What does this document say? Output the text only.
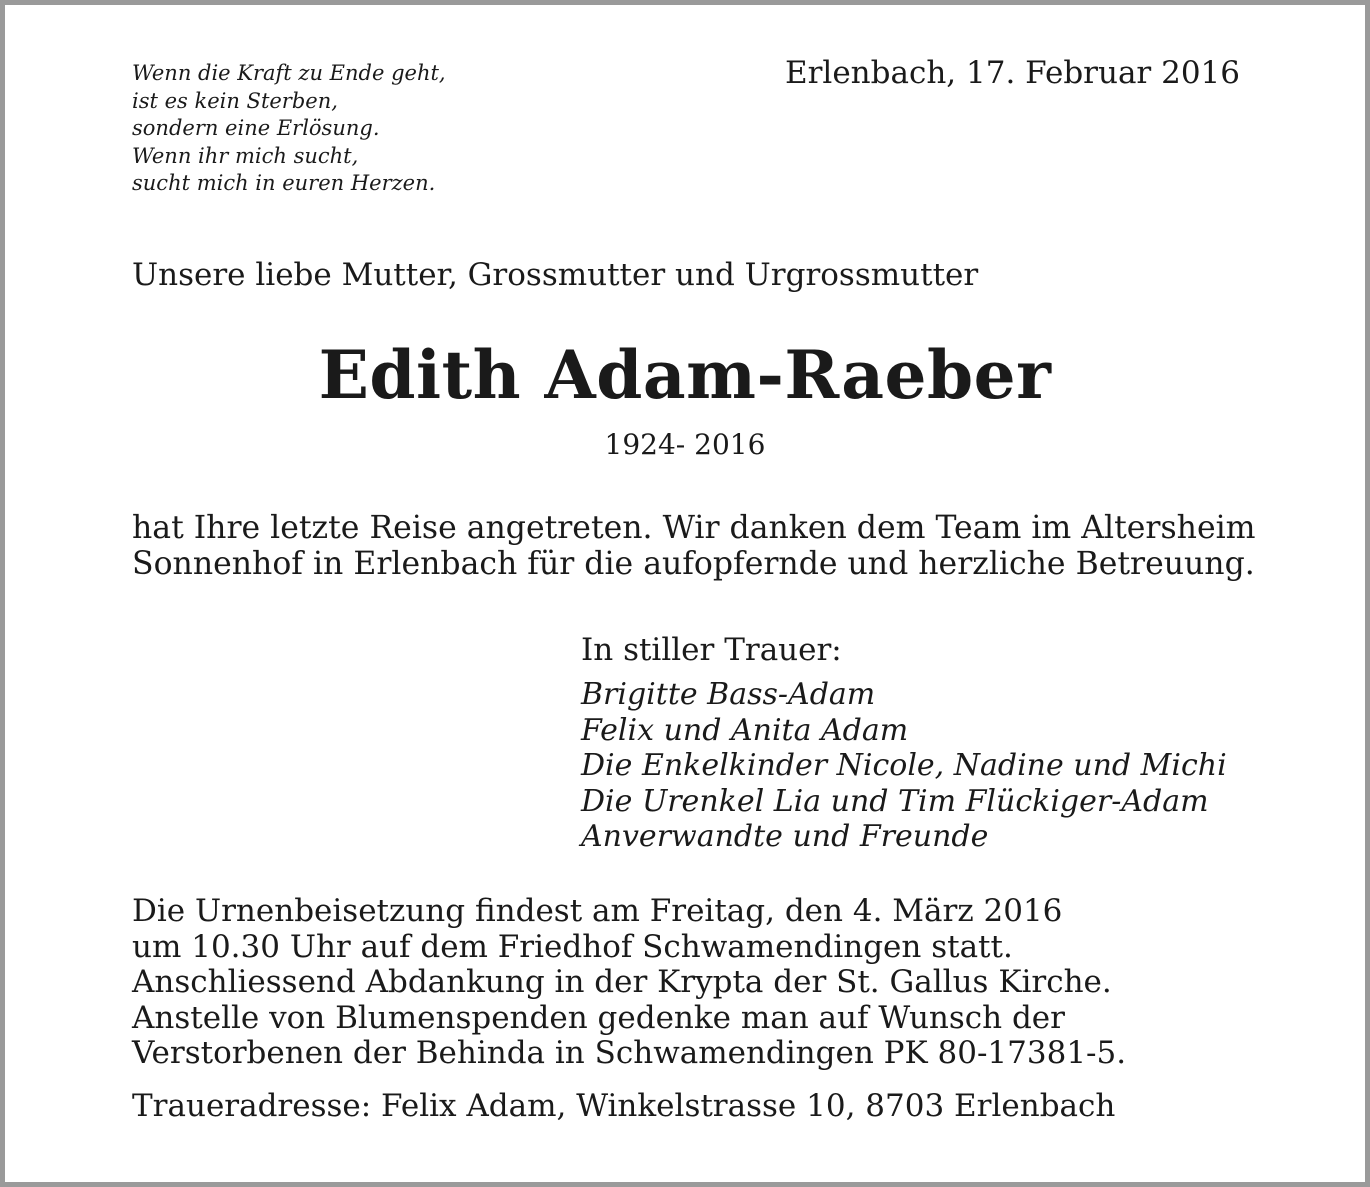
Wenn die Kraft zu Ende geht,
ist es kein Sterben,
sondern eine Erlösung.
Wenn ihr mich sucht,
sucht mich in euren Herzen.
Erlenbach, 17. Februar 2016
Unsere liebe Mutter, Grossmutter und Urgrossmutter
Edith Adam-Raeber
1924- 2016
hat Ihre letzte Reise angetreten. Wir danken dem Team im Altersheim
Sonnenhof in Erlenbach für die aufopfernde und herzliche Betreuung.
In stiller Trauer:
Brigitte Bass-Adam
Felix und Anita Adam
Die Enkelkinder Nicole, Nadine und Michi
Die Urenkel Lia und Tim Flückiger-Adam
Anverwandte und Freunde
Die Urnenbeisetzung findest am Freitag, den 4. März 2016
um 10.30 Uhr auf dem Friedhof Schwamendingen statt.
Anschliessend Abdankung in der Krypta der St. Gallus Kirche.
Anstelle von Blumenspenden gedenke man auf Wunsch der
Verstorbenen der Behinda in Schwamendingen PK 80-17381-5.
Traueradresse: Felix Adam, Winkelstrasse 10, 8703 Erlenbach
